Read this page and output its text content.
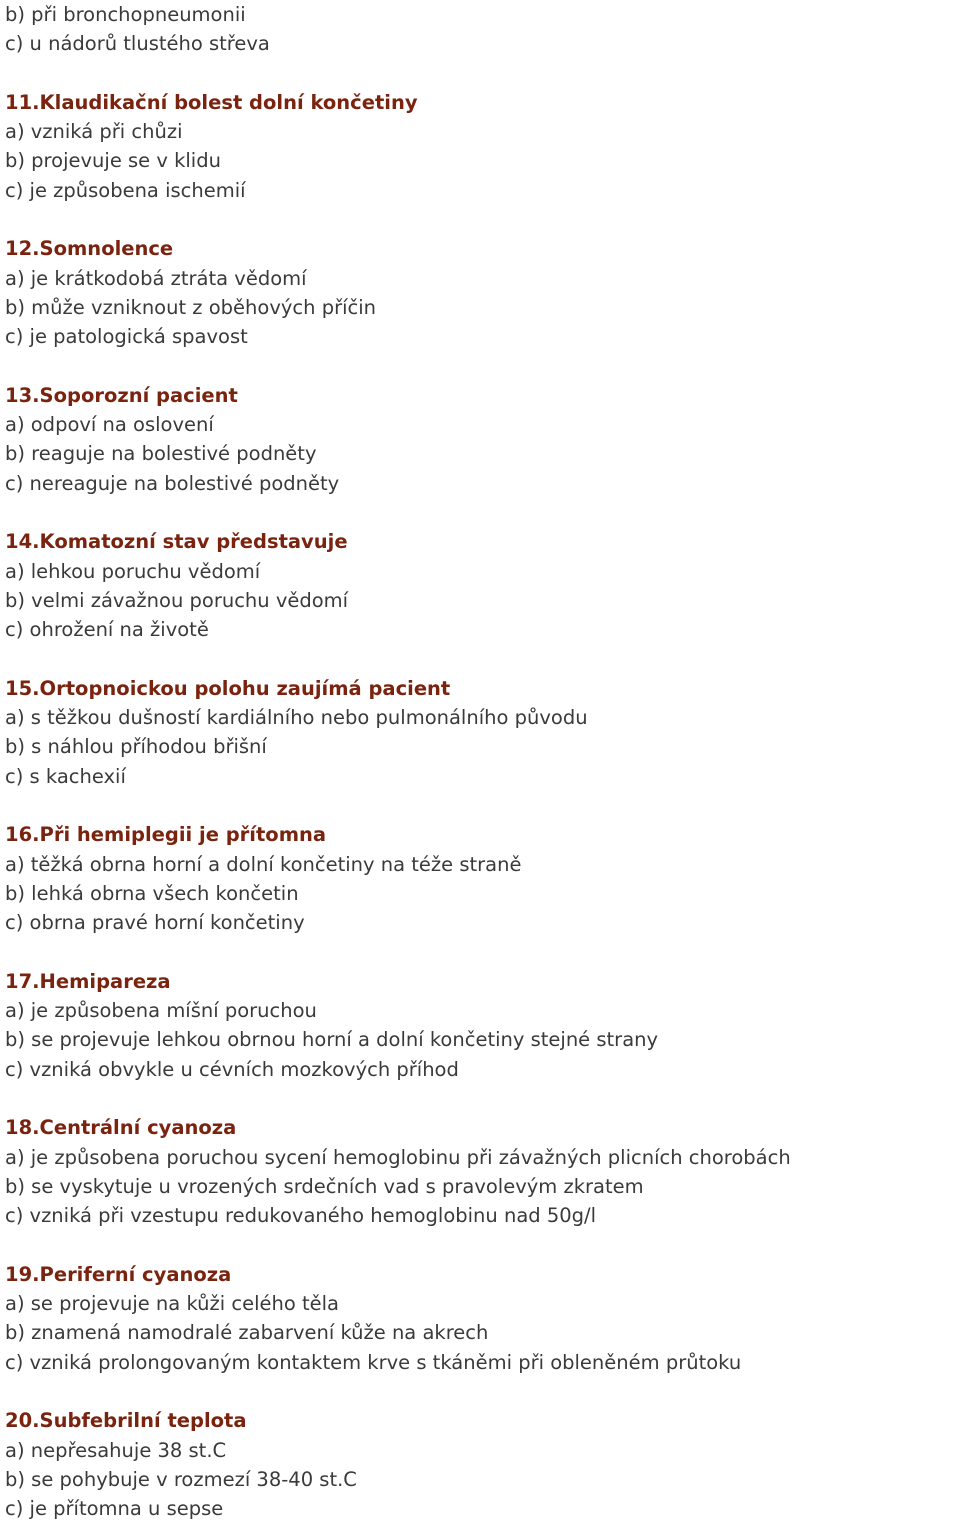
b) při bronchopneumonii
c) u nádorů tlustého střeva
11.Klaudikační bolest dolní končetiny
a) vzniká při chůzi
b) projevuje se v klidu
c) je způsobena ischemií
12.Somnolence
a) je krátkodobá ztráta vědomí
b) může vzniknout z oběhových příčin
c) je patologická spavost
13.Soporozní pacient
a) odpoví na oslovení
b) reaguje na bolestivé podněty
c) nereaguje na bolestivé podněty
14.Komatozní stav představuje
a) lehkou poruchu vědomí
b) velmi závažnou poruchu vědomí
c) ohrožení na životě
15.Ortopnoickou polohu zaujímá pacient
a) s těžkou dušností kardiálního nebo pulmonálního původu
b) s náhlou příhodou břišní
c) s kachexií
16.Při hemiplegii je přítomna
a) těžká obrna horní a dolní končetiny na téže straně
b) lehká obrna všech končetin
c) obrna pravé horní končetiny
17.Hemipareza
a) je způsobena míšní poruchou
b) se projevuje lehkou obrnou horní a dolní končetiny stejné strany
c) vzniká obvykle u cévních mozkových příhod
18.Centrální cyanoza
a) je způsobena poruchou sycení hemoglobinu při závažných plicních chorobách
b) se vyskytuje u vrozených srdečních vad s pravolevým zkratem
c) vzniká při vzestupu redukovaného hemoglobinu nad 50g/l
19.Periferní cyanoza
a) se projevuje na kůži celého těla
b) znamená namodralé zabarvení kůže na akrech
c) vzniká prolongovaným kontaktem krve s tkáněmi při obleněném průtoku
20.Subfebrilní teplota
a) nepřesahuje 38 st.C
b) se pohybuje v rozmezí 38-40 st.C
c) je přítomna u sepse
